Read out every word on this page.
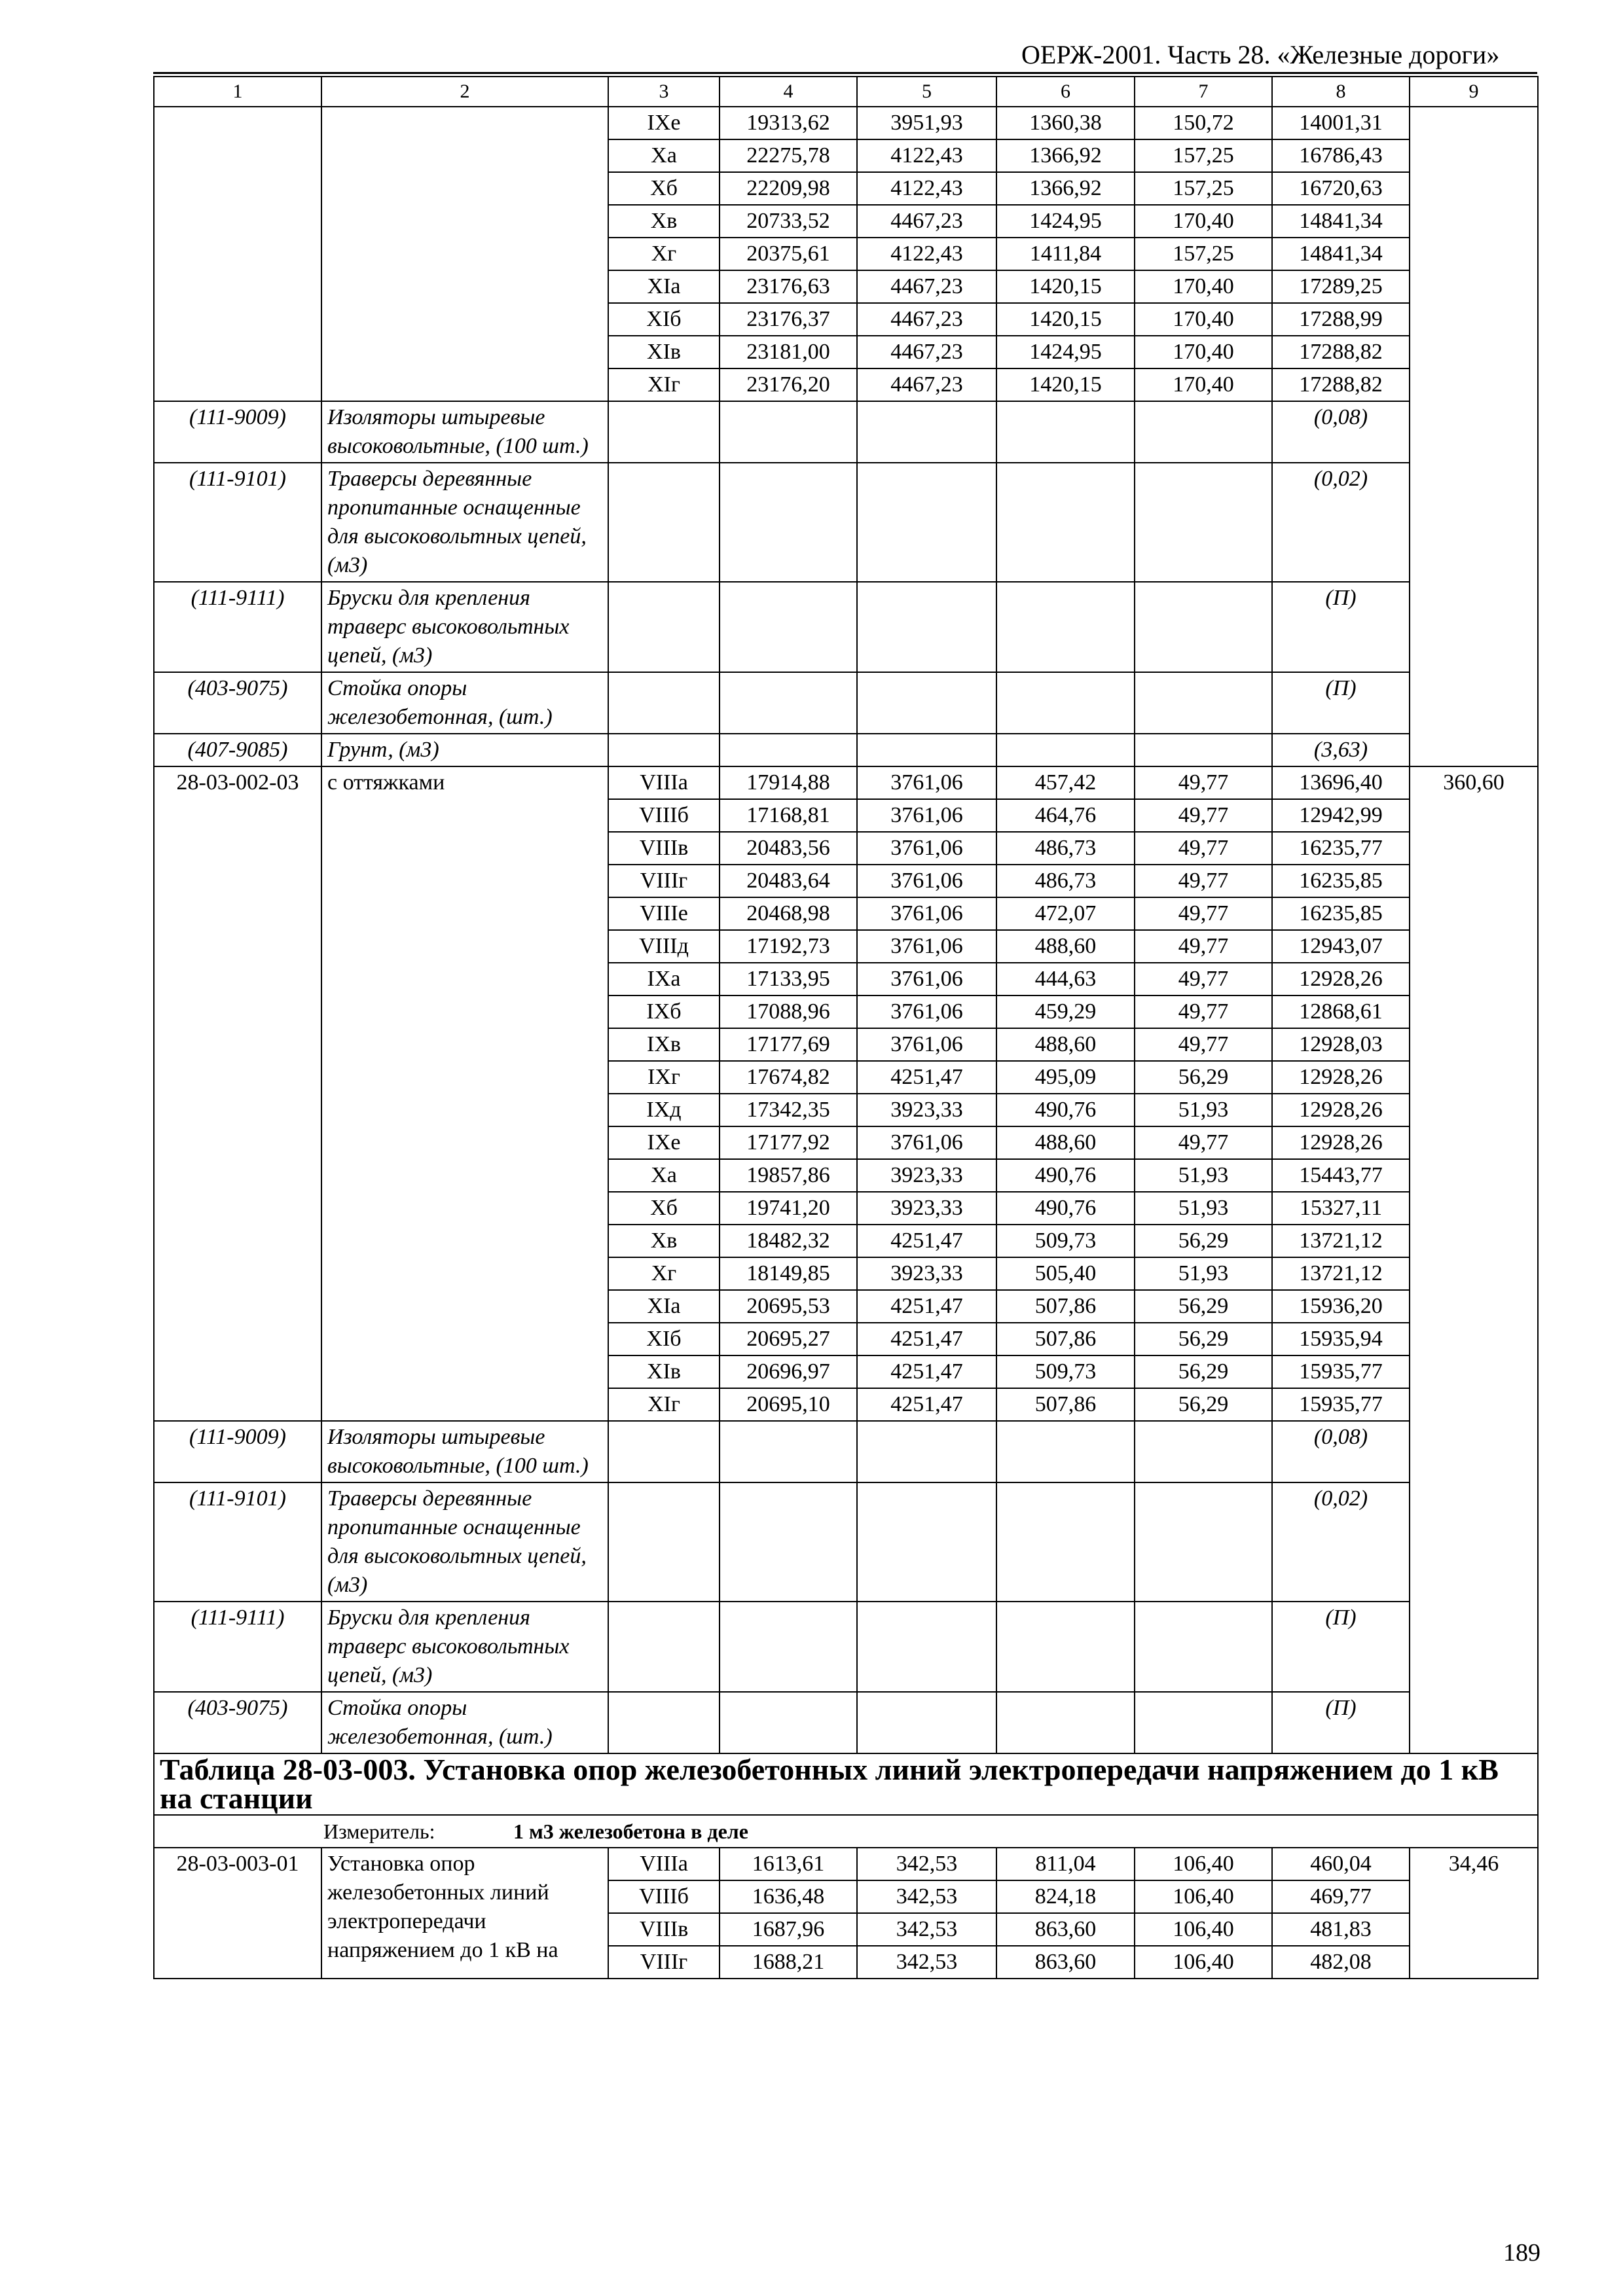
ОЕРЖ-2001. Часть 28. «Железные дороги»
1	2	3	4	5	6	7	8	9
		IXе	19313,62	3951,93	1360,38	150,72	14001,31	
		Xа	22275,78	4122,43	1366,92	157,25	16786,43	
		Xб	22209,98	4122,43	1366,92	157,25	16720,63	
		Xв	20733,52	4467,23	1424,95	170,40	14841,34	
		Xг	20375,61	4122,43	1411,84	157,25	14841,34	
		XIа	23176,63	4467,23	1420,15	170,40	17289,25	
		XIб	23176,37	4467,23	1420,15	170,40	17288,99	
		XIв	23181,00	4467,23	1424,95	170,40	17288,82	
		XIг	23176,20	4467,23	1420,15	170,40	17288,82	
(111-9009)	Изоляторы штыревые высоковольтные, (100 шт.)						(0,08)	
(111-9101)	Траверсы деревянные пропитанные оснащенные для высоковольтных цепей, (м3)						(0,02)	
(111-9111)	Бруски для крепления траверс высоковольтных цепей, (м3)						(П)	
(403-9075)	Стойка опоры железобетонная, (шт.)						(П)	
(407-9085)	Грунт, (м3)						(3,63)	
28-03-002-03	с оттяжками	VIIIа	17914,88	3761,06	457,42	49,77	13696,40	360,60
		VIIIб	17168,81	3761,06	464,76	49,77	12942,99	
		VIIIв	20483,56	3761,06	486,73	49,77	16235,77	
		VIIIг	20483,64	3761,06	486,73	49,77	16235,85	
		VIIIе	20468,98	3761,06	472,07	49,77	16235,85	
		VIIIд	17192,73	3761,06	488,60	49,77	12943,07	
		IXа	17133,95	3761,06	444,63	49,77	12928,26	
		IXб	17088,96	3761,06	459,29	49,77	12868,61	
		IXв	17177,69	3761,06	488,60	49,77	12928,03	
		IXг	17674,82	4251,47	495,09	56,29	12928,26	
		IXд	17342,35	3923,33	490,76	51,93	12928,26	
		IXе	17177,92	3761,06	488,60	49,77	12928,26	
		Xа	19857,86	3923,33	490,76	51,93	15443,77	
		Xб	19741,20	3923,33	490,76	51,93	15327,11	
		Xв	18482,32	4251,47	509,73	56,29	13721,12	
		Xг	18149,85	3923,33	505,40	51,93	13721,12	
		XIа	20695,53	4251,47	507,86	56,29	15936,20	
		XIб	20695,27	4251,47	507,86	56,29	15935,94	
		XIв	20696,97	4251,47	509,73	56,29	15935,77	
		XIг	20695,10	4251,47	507,86	56,29	15935,77	
(111-9009)	Изоляторы штыревые высоковольтные, (100 шт.)						(0,08)	
(111-9101)	Траверсы деревянные пропитанные оснащенные для высоковольтных цепей, (м3)						(0,02)	
(111-9111)	Бруски для крепления траверс высоковольтных цепей, (м3)						(П)	
(403-9075)	Стойка опоры железобетонная, (шт.)						(П)	
Таблица 28-03-003. Установка опор железобетонных линий электропередачи напряжением до 1 кВ на станции								
Измеритель: 1 м3 железобетона в деле								
28-03-003-01	Установка опор железобетонных линий электропередачи напряжением до 1 кВ на	VIIIа	1613,61	342,53	811,04	106,40	460,04	34,46
		VIIIб	1636,48	342,53	824,18	106,40	469,77	
		VIIIв	1687,96	342,53	863,60	106,40	481,83	
		VIIIг	1688,21	342,53	863,60	106,40	482,08	
189
